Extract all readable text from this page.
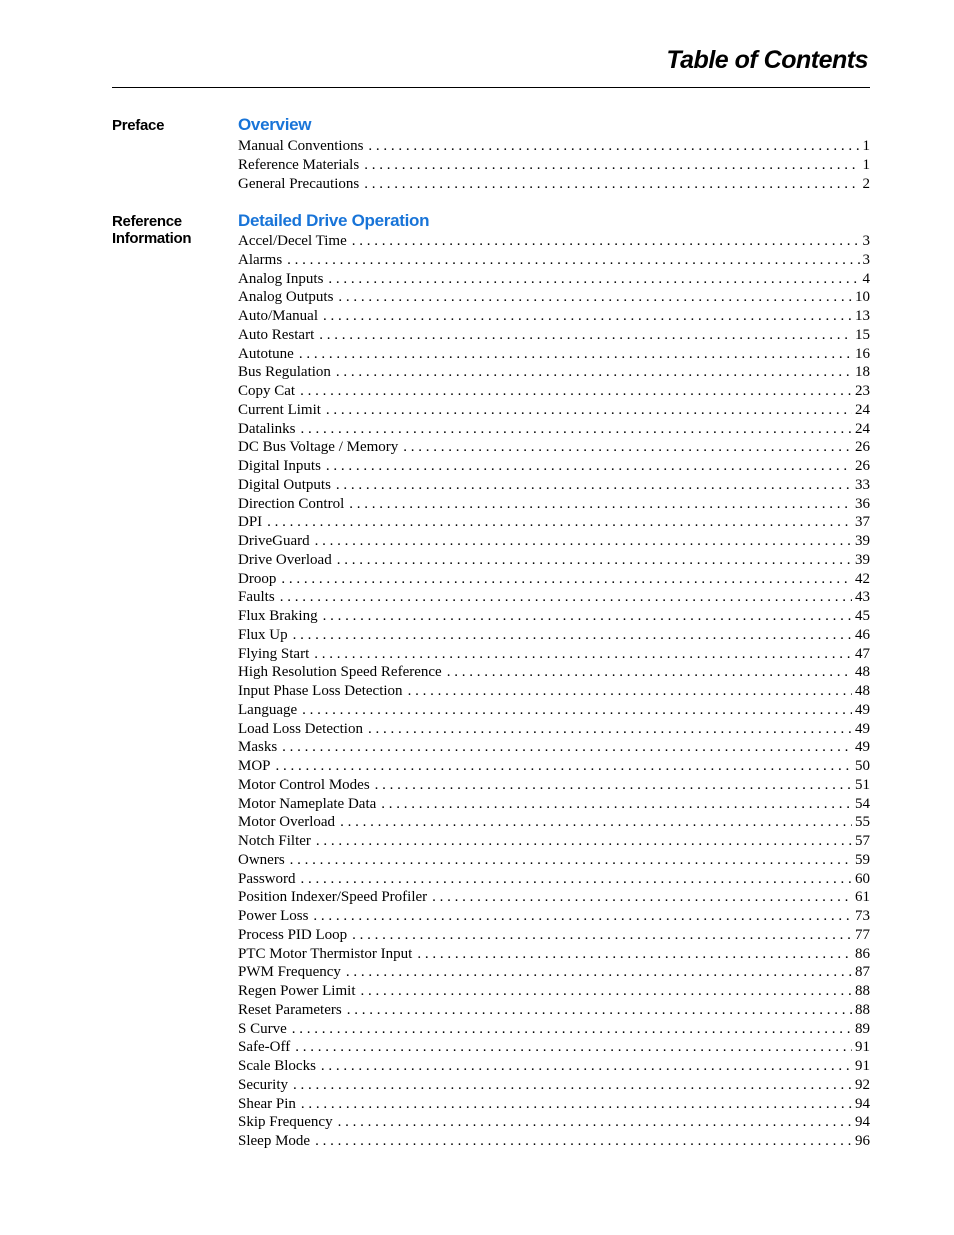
Table of Contents
Preface	Overview
Manual Conventions . . .	1
Reference Materials . . .	1
General Precautions . . .	2
Reference
Information
Detailed Drive Operation
Accel/Decel Time . . .	3
Alarms . . .	3
Analog Inputs . . .	4
Analog Outputs . . .	10
Auto/Manual . . .	13
Auto Restart . . .	15
Autotune . . .	16
Bus Regulation . . .	18
Copy Cat . . .	23
Current Limit . . .	24
Datalinks . . .	24
DC Bus Voltage / Memory . . .	26
Digital Inputs . . .	26
Digital Outputs . . .	33
Direction Control . . .	36
DPI . . .	37
DriveGuard . . .	39
Drive Overload . . .	39
Droop . . .	42
Faults . . .	43
Flux Braking . . .	45
Flux Up . . .	46
Flying Start . . .	47
High Resolution Speed Reference . . .	48
Input Phase Loss Detection . . .	48
Language . . .	49
Load Loss Detection . . .	49
Masks . . .	49
MOP . . .	50
Motor Control Modes . . .	51
Motor Nameplate Data . . .	54
Motor Overload . . .	55
Notch Filter . . .	57
Owners . . .	59
Password . . .	60
Position Indexer/Speed Profiler . . .	61
Power Loss . . .	73
Process PID Loop . . .	77
PTC Motor Thermistor Input . . .	86
PWM Frequency . . .	87
Regen Power Limit . . .	88
Reset Parameters . . .	88
S Curve . . .	89
Safe-Off . . .	91
Scale Blocks . . .	91
Security . . .	92
Shear Pin . . .	94
Skip Frequency . . .	94
Sleep Mode . . .	96
